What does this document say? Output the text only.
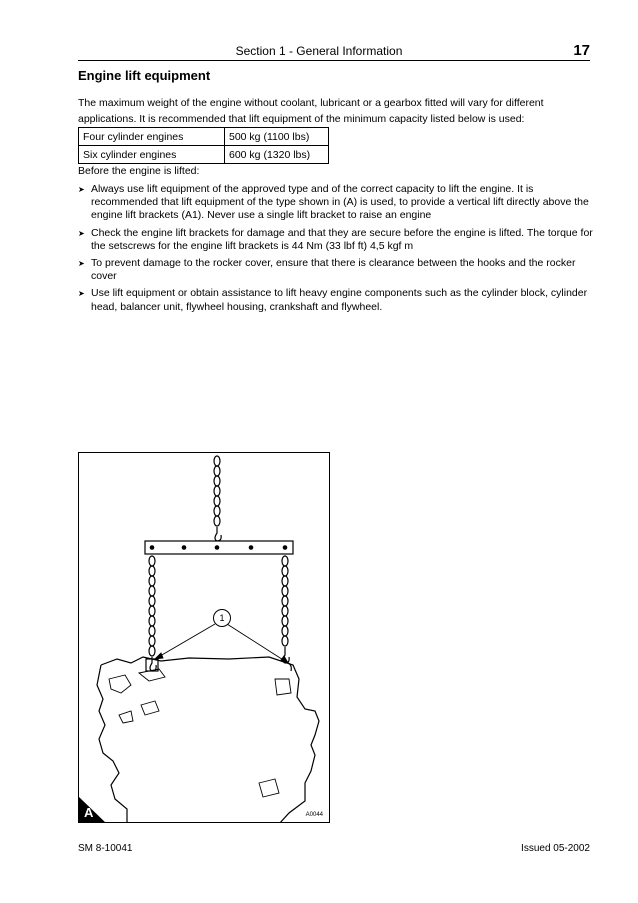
Section 1 - General Information	17
Engine lift equipment
The maximum weight of the engine without coolant, lubricant or a gearbox fitted will vary for different applications. It is recommended that lift equipment of the minimum capacity listed below is used:
Four cylinder engines	500 kg (1100 lbs)
Six cylinder engines	600 kg (1320 lbs)
Before the engine is lifted:
➤ Always use lift equipment of the approved type and of the correct capacity to lift the engine. It is recommended that lift equipment of the type shown in (A) is used, to provide a vertical lift directly above the engine lift brackets (A1). Never use a single lift bracket to raise an engine
➤ Check the engine lift brackets for damage and that they are secure before the engine is lifted. The torque for the setscrews for the engine lift brackets is 44 Nm (33 lbf ft) 4,5 kgf m
➤ To prevent damage to the rocker cover, ensure that there is clearance between the hooks and the rocker cover
➤ Use lift equipment or obtain assistance to lift heavy engine components such as the cylinder block, cylinder head, balancer unit, flywheel housing, crankshaft and flywheel.
1
A	A0044
SM 8-10041	Issued 05-2002
